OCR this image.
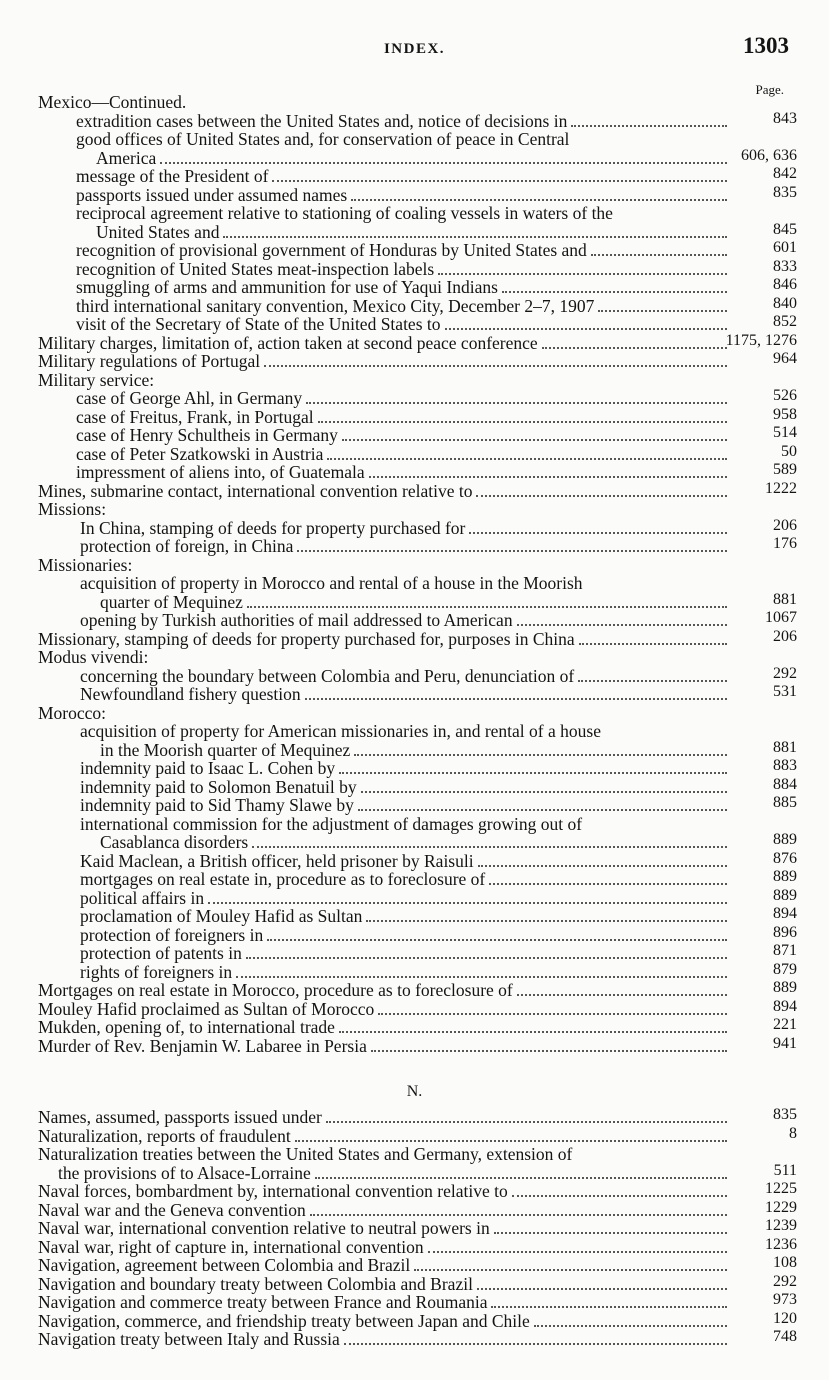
INDEX.	1303
Page.
Mexico—Continued.
extradition cases between the United States and, notice of decisions in	843
good offices of United States and, for conservation of peace in Central
America	606, 636
message of the President of	842
passports issued under assumed names	835
reciprocal agreement relative to stationing of coaling vessels in waters of the
United States and	845
recognition of provisional government of Honduras by United States and	601
recognition of United States meat-inspection labels	833
smuggling of arms and ammunition for use of Yaqui Indians	846
third international sanitary convention, Mexico City, December 2–7, 1907	840
visit of the Secretary of State of the United States to	852
Military charges, limitation of, action taken at second peace conference	1175, 1276
Military regulations of Portugal	964
Military service:
case of George Ahl, in Germany	526
case of Freitus, Frank, in Portugal	958
case of Henry Schultheis in Germany	514
case of Peter Szatkowski in Austria	50
impressment of aliens into, of Guatemala	589
Mines, submarine contact, international convention relative to	1222
Missions:
In China, stamping of deeds for property purchased for	206
protection of foreign, in China	176
Missionaries:
acquisition of property in Morocco and rental of a house in the Moorish
quarter of Mequinez	881
opening by Turkish authorities of mail addressed to American	1067
Missionary, stamping of deeds for property purchased for, purposes in China	206
Modus vivendi:
concerning the boundary between Colombia and Peru, denunciation of	292
Newfoundland fishery question	531
Morocco:
acquisition of property for American missionaries in, and rental of a house
in the Moorish quarter of Mequinez	881
indemnity paid to Isaac L. Cohen by	883
indemnity paid to Solomon Benatuil by	884
indemnity paid to Sid Thamy Slawe by	885
international commission for the adjustment of damages growing out of
Casablanca disorders	889
Kaid Maclean, a British officer, held prisoner by Raisuli	876
mortgages on real estate in, procedure as to foreclosure of	889
political affairs in	889
proclamation of Mouley Hafid as Sultan	894
protection of foreigners in	896
protection of patents in	871
rights of foreigners in	879
Mortgages on real estate in Morocco, procedure as to foreclosure of	889
Mouley Hafid proclaimed as Sultan of Morocco	894
Mukden, opening of, to international trade	221
Murder of Rev. Benjamin W. Labaree in Persia	941
N.
Names, assumed, passports issued under	835
Naturalization, reports of fraudulent	8
Naturalization treaties between the United States and Germany, extension of
the provisions of to Alsace-Lorraine	511
Naval forces, bombardment by, international convention relative to	1225
Naval war and the Geneva convention	1229
Naval war, international convention relative to neutral powers in	1239
Naval war, right of capture in, international convention	1236
Navigation, agreement between Colombia and Brazil	108
Navigation and boundary treaty between Colombia and Brazil	292
Navigation and commerce treaty between France and Roumania	973
Navigation, commerce, and friendship treaty between Japan and Chile	120
Navigation treaty between Italy and Russia	748
